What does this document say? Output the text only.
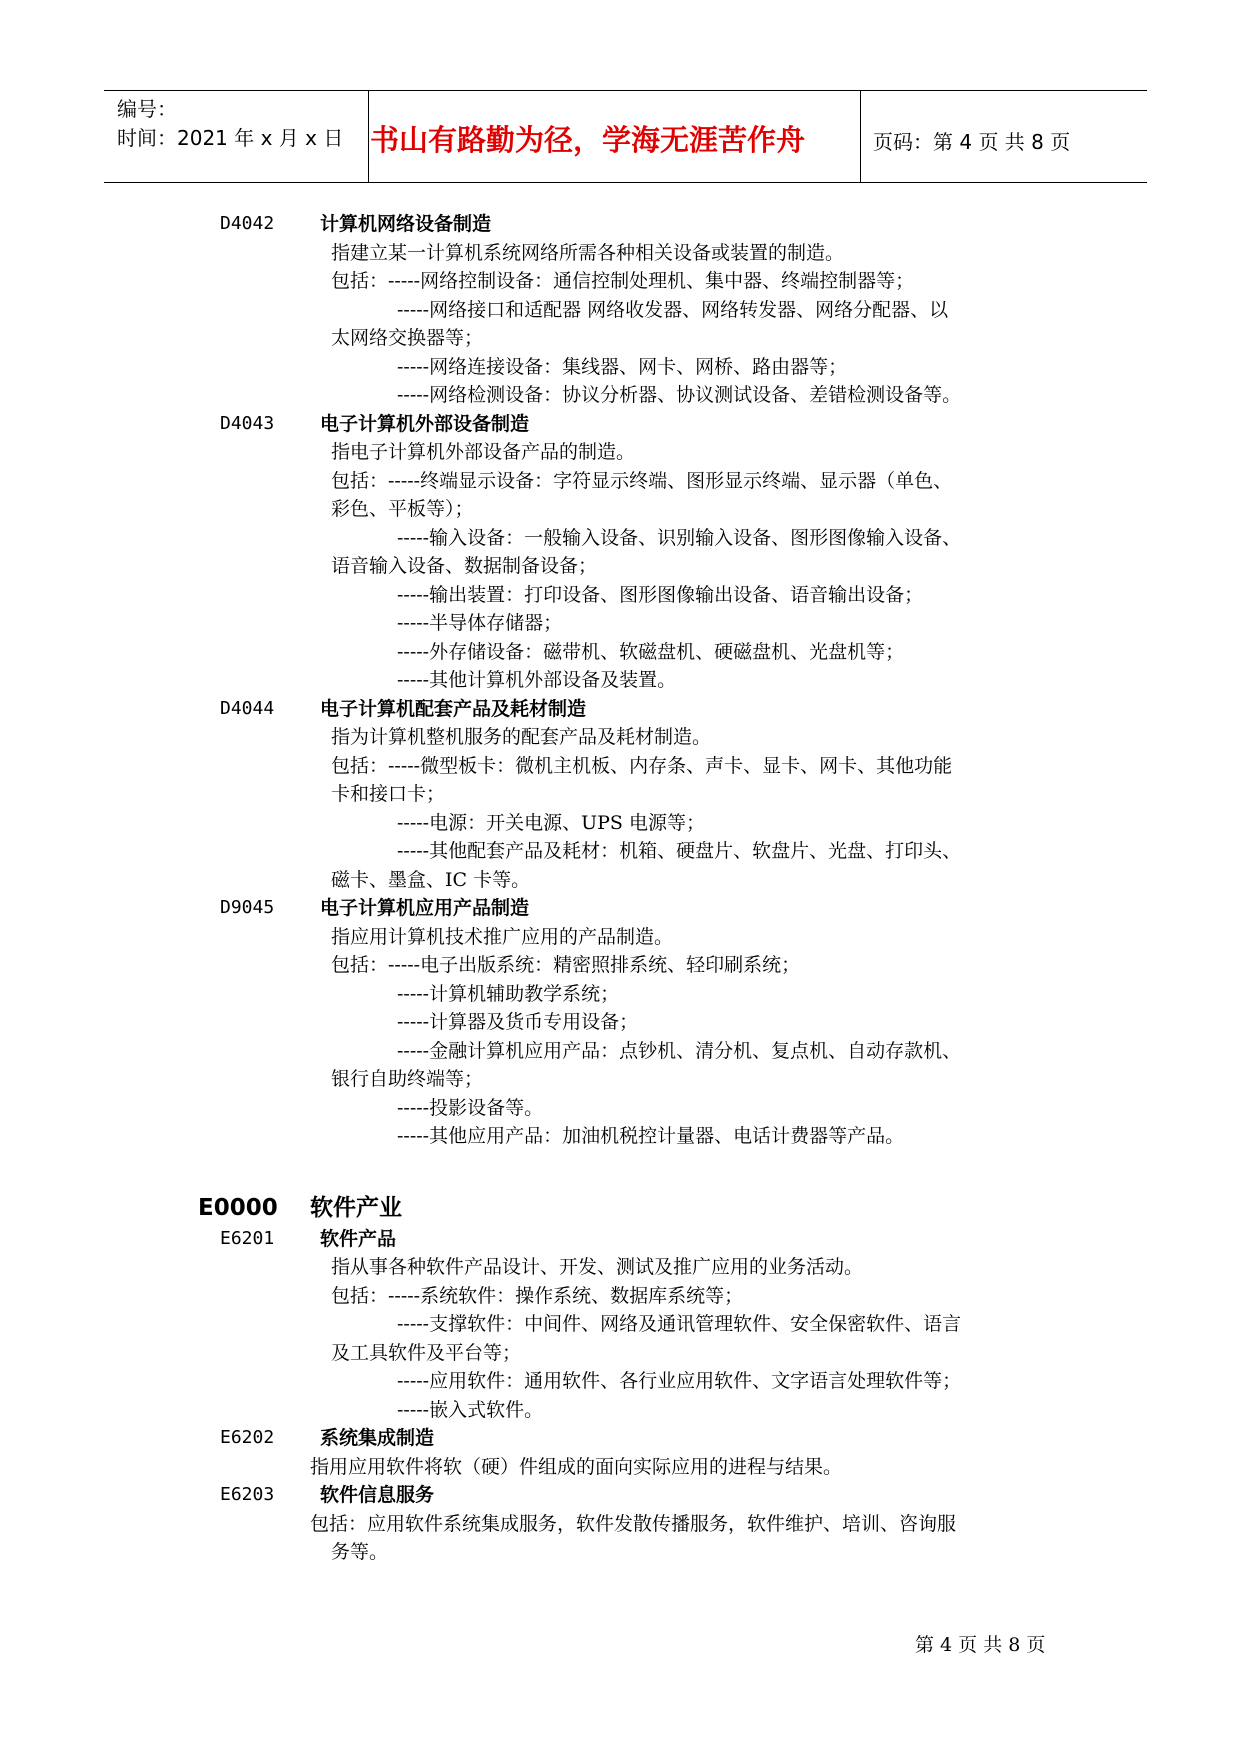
编号：
时间：2021 年 x 月 x 日 书山有路勤为径，学海无涯苦作舟	页码：第 4 页 共 8 页
D4042 计算机网络设备制造
指建立某一计算机系统网络所需各种相关设备或装置的制造。
包括：-----网络控制设备：通信控制处理机、集中器、终端控制器等；
-----网络接口和适配器 网络收发器、网络转发器、网络分配器、以
太网络交换器等；
-----网络连接设备：集线器、网卡、网桥、路由器等；
-----网络检测设备：协议分析器、协议测试设备、差错检测设备等。
D4043 电子计算机外部设备制造
指电子计算机外部设备产品的制造。
包括：-----终端显示设备：字符显示终端、图形显示终端、显示器（单色、
彩色、平板等）；
-----输入设备：一般输入设备、识别输入设备、图形图像输入设备、
语音输入设备、数据制备设备；
-----输出装置：打印设备、图形图像输出设备、语音输出设备；
-----半导体存储器；
-----外存储设备：磁带机、软磁盘机、硬磁盘机、光盘机等；
-----其他计算机外部设备及装置。
D4044 电子计算机配套产品及耗材制造
指为计算机整机服务的配套产品及耗材制造。
包括：-----微型板卡：微机主机板、内存条、声卡、显卡、网卡、其他功能
卡和接口卡；
-----电源：开关电源、UPS 电源等；
-----其他配套产品及耗材：机箱、硬盘片、软盘片、光盘、打印头、
磁卡、墨盒、IC 卡等。
D9045 电子计算机应用产品制造
指应用计算机技术推广应用的产品制造。
包括：-----电子出版系统：精密照排系统、轻印刷系统；
-----计算机辅助教学系统；
-----计算器及货币专用设备；
-----金融计算机应用产品：点钞机、清分机、复点机、自动存款机、
银行自助终端等；
-----投影设备等。
-----其他应用产品：加油机税控计量器、电话计费器等产品。
E0000 软件产业
E6201 软件产品
指从事各种软件产品设计、开发、测试及推广应用的业务活动。
包括：-----系统软件：操作系统、数据库系统等；
-----支撑软件：中间件、网络及通讯管理软件、安全保密软件、语言
及工具软件及平台等；
-----应用软件：通用软件、各行业应用软件、文字语言处理软件等；
-----嵌入式软件。
E6202 系统集成制造
指用应用软件将软（硬）件组成的面向实际应用的进程与结果。
E6203 软件信息服务
包括：应用软件系统集成服务，软件发散传播服务，软件维护、培训、咨询服
务等。
第 4 页 共 8 页
